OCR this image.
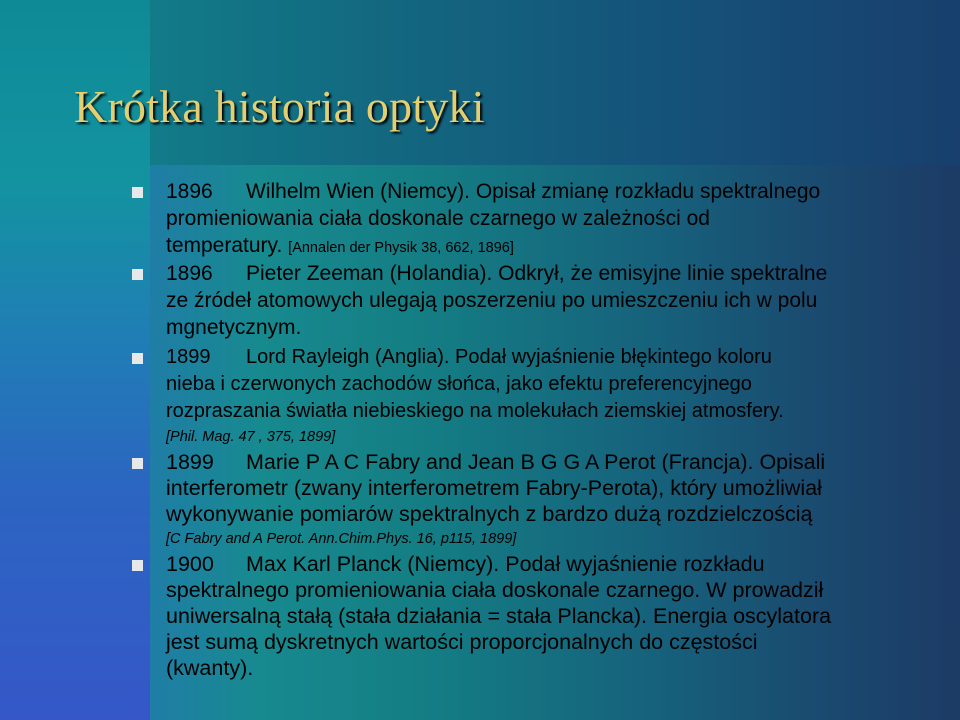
Krótka historia optyki
1896 Wilhelm Wien (Niemcy). Opisał zmianę rozkładu spektralnego
promieniowania ciała doskonale czarnego w zależności od
temperatury. [Annalen der Physik 38, 662, 1896]
1896 Pieter Zeeman (Holandia). Odkrył, że emisyjne linie spektralne
ze źródeł atomowych ulegają poszerzeniu po umieszczeniu ich w polu
mgnetycznym.
1899 Lord Rayleigh (Anglia). Podał wyjaśnienie błękintego koloru
nieba i czerwonych zachodów słońca, jako efektu preferencyjnego
rozpraszania światła niebieskiego na molekułach ziemskiej atmosfery.
[Phil. Mag. 47 , 375, 1899]
1899 Marie P A C Fabry and Jean B G G A Perot (Francja). Opisali
interferometr (zwany interferometrem Fabry-Perota), który umożliwiał
wykonywanie pomiarów spektralnych z bardzo dużą rozdzielczością
[C Fabry and A Perot. Ann.Chim.Phys. 16, p115, 1899]
1900 Max Karl Planck (Niemcy). Podał wyjaśnienie rozkładu
spektralnego promieniowania ciała doskonale czarnego. W prowadził
uniwersalną stałą (stała działania = stała Plancka). Energia oscylatora
jest sumą dyskretnych wartości proporcjonalnych do częstości
(kwanty).
